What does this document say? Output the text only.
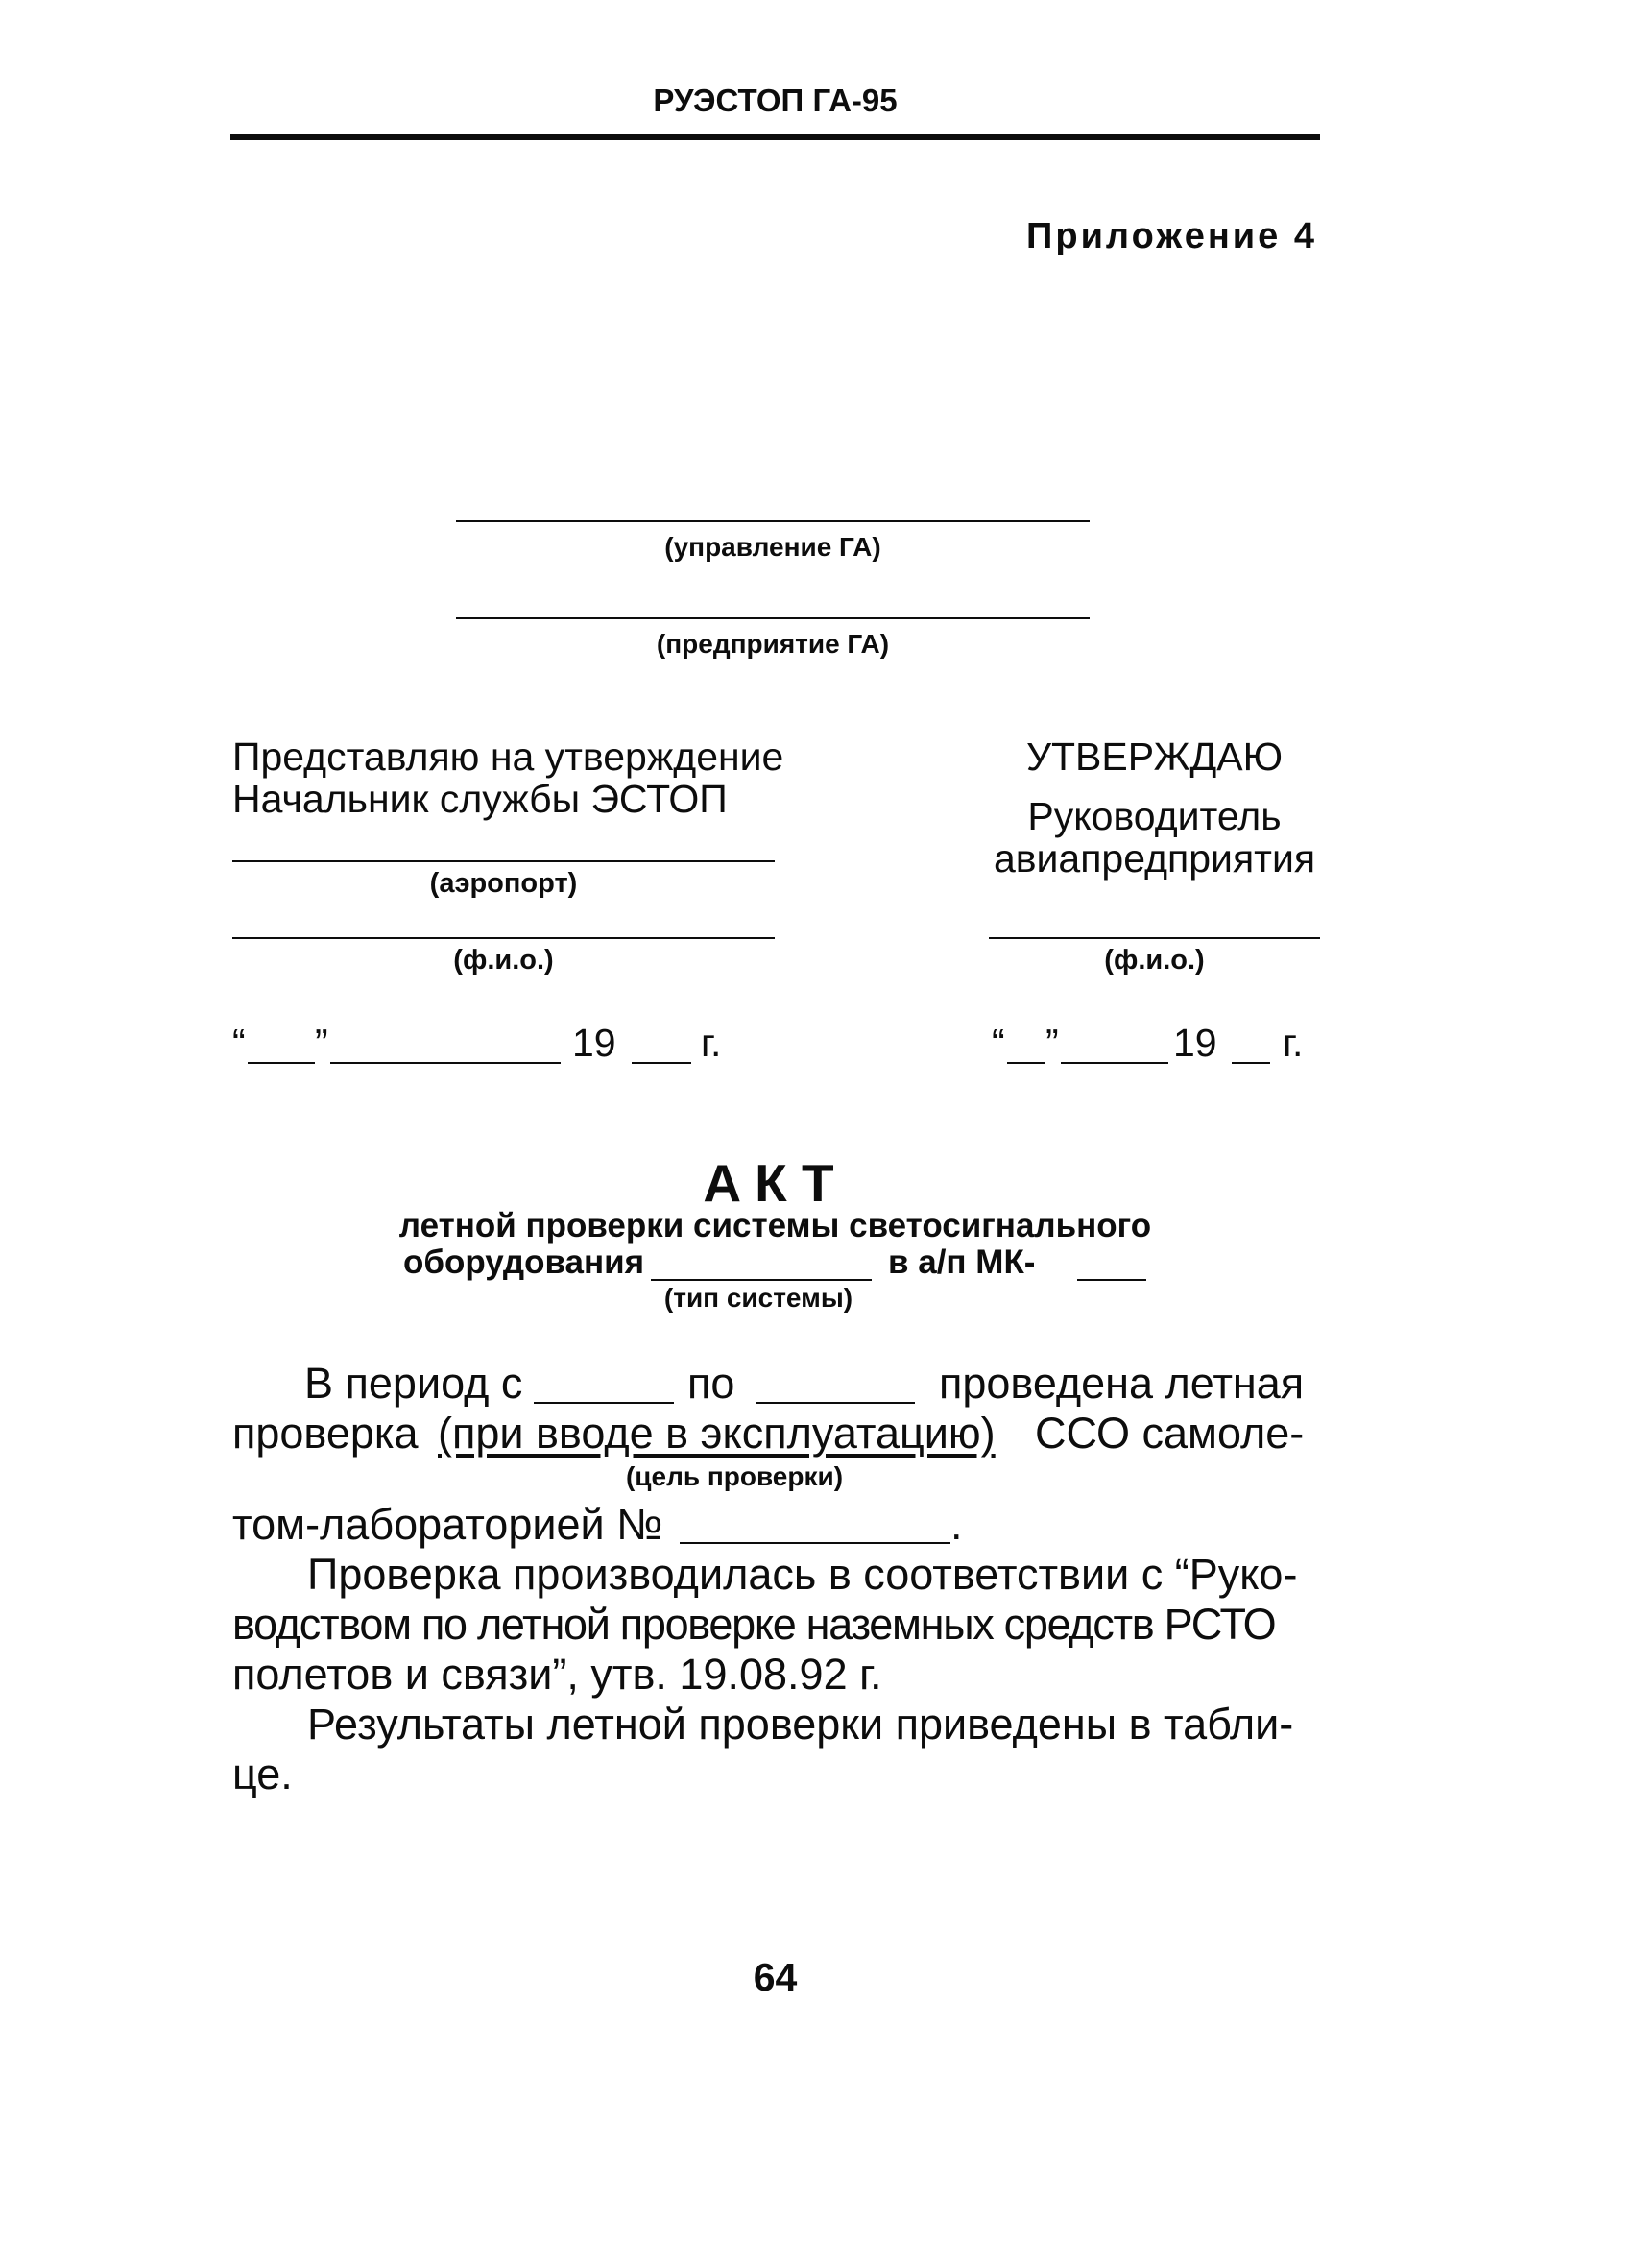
РУЭСТОП ГА-95
Приложение 4
(управление ГА)
(предприятие ГА)
Представляю на утверждение
Начальник службы ЭСТОП
(аэропорт)
(ф.и.о.)
“ ”	19 г.
УТВЕРЖДАЮ
Руководитель
авиапредприятия
(ф.и.о.)
“ ”	19 г.
АКТ
летной проверки системы светосигнального
оборудования	в а/п МК-
(тип системы)
В период с	по	проведена летная
проверка (при вводе в эксплуатацию) ССО самоле-
(цель проверки)
том-лабораторией №	.
Проверка производилась в соответствии с “Руко-
водством по летной проверке наземных средств РСТО
полетов и связи”, утв. 19.08.92 г.
Результаты летной проверки приведены в табли-
це.
64
